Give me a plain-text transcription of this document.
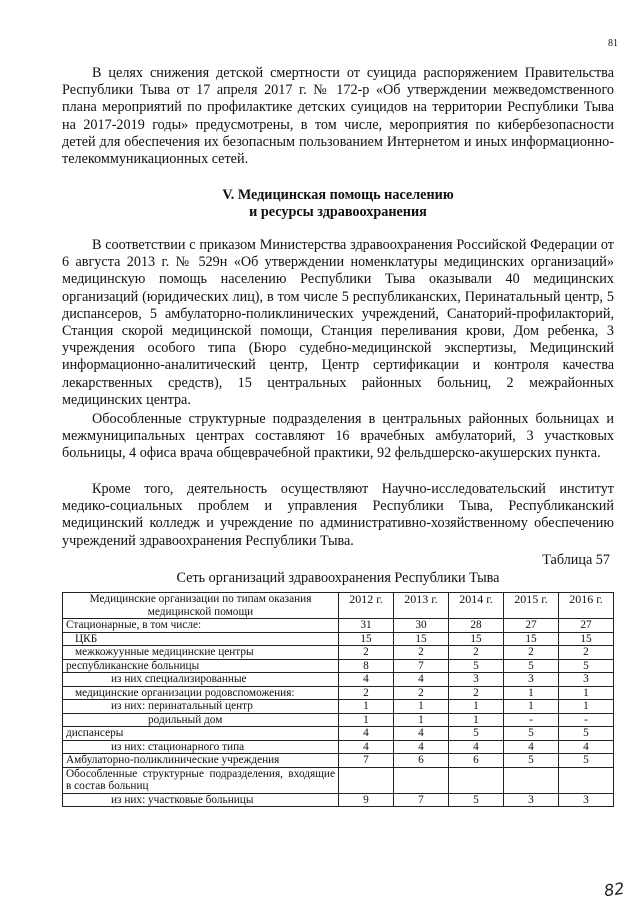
81

В целях снижения детской смертности от суицида распоряжением Правительства Республики Тыва от 17 апреля 2017 г. № 172-р «Об утверждении межведомственного плана мероприятий по профилактике детских суицидов на территории Республики Тыва на 2017-2019 годы» предусмотрены, в том числе, мероприятия по кибербезопасности детей для обеспечения их безопасным пользованием Интернетом и иных информационно-телекоммуникационных сетей.

V. Медицинская помощь населению
и ресурсы здравоохранения

В соответствии с приказом Министерства здравоохранения Российской Федерации от 6 августа 2013 г. № 529н «Об утверждении номенклатуры медицинских организаций» медицинскую помощь населению Республики Тыва оказывали 40 медицинских организаций (юридических лиц), в том числе 5 республиканских, Перинатальный центр, 5 диспансеров, 5 амбулаторно-поликлинических учреждений, Санаторий-профилакторий, Станция скорой медицинской помощи, Станция переливания крови, Дом ребенка, 3 учреждения особого типа (Бюро судебно-медицинской экспертизы, Медицинский информационно-аналитический центр, Центр сертификации и контроля качества лекарственных средств), 15 центральных районных больниц, 2 межрайонных медицинских центра.

Обособленные структурные подразделения в центральных районных больницах и межмуниципальных центрах составляют 16 врачебных амбулаторий, 3 участковых больницы, 4 офиса врача общеврачебной практики, 92 фельдшерско-акушерских пункта.

Кроме того, деятельность осуществляют Научно-исследовательский институт медико-социальных проблем и управления Республики Тыва, Республиканский медицинский колледж и учреждение по административно-хозяйственному обеспечению учреждений здравоохранения Республики Тыва.

Таблица 57
Сеть организаций здравоохранения Республики Тыва
Медицинские организации по типам оказания медицинской помощи	2012 г.	2013 г.	2014 г.	2015 г.	2016 г.
Стационарные, в том числе:	31	30	28	27	27
ЦКБ	15	15	15	15	15
межкожуунные медицинские центры	2	2	2	2	2
республиканские больницы	8	7	5	5	5
из них специализированные	4	4	3	3	3
медицинские организации родовспоможения:	2	2	2	1	1
из них: перинатальный центр	1	1	1	1	1
родильный дом	1	1	1	-	-
диспансеры	4	4	5	5	5
из них: стационарного типа	4	4	4	4	4
Амбулаторно-поликлинические учреждения	7	6	6	5	5
Обособленные структурные подразделения, входящие в состав больниц					
из них: участковые больницы	9	7	5	3	3
82
